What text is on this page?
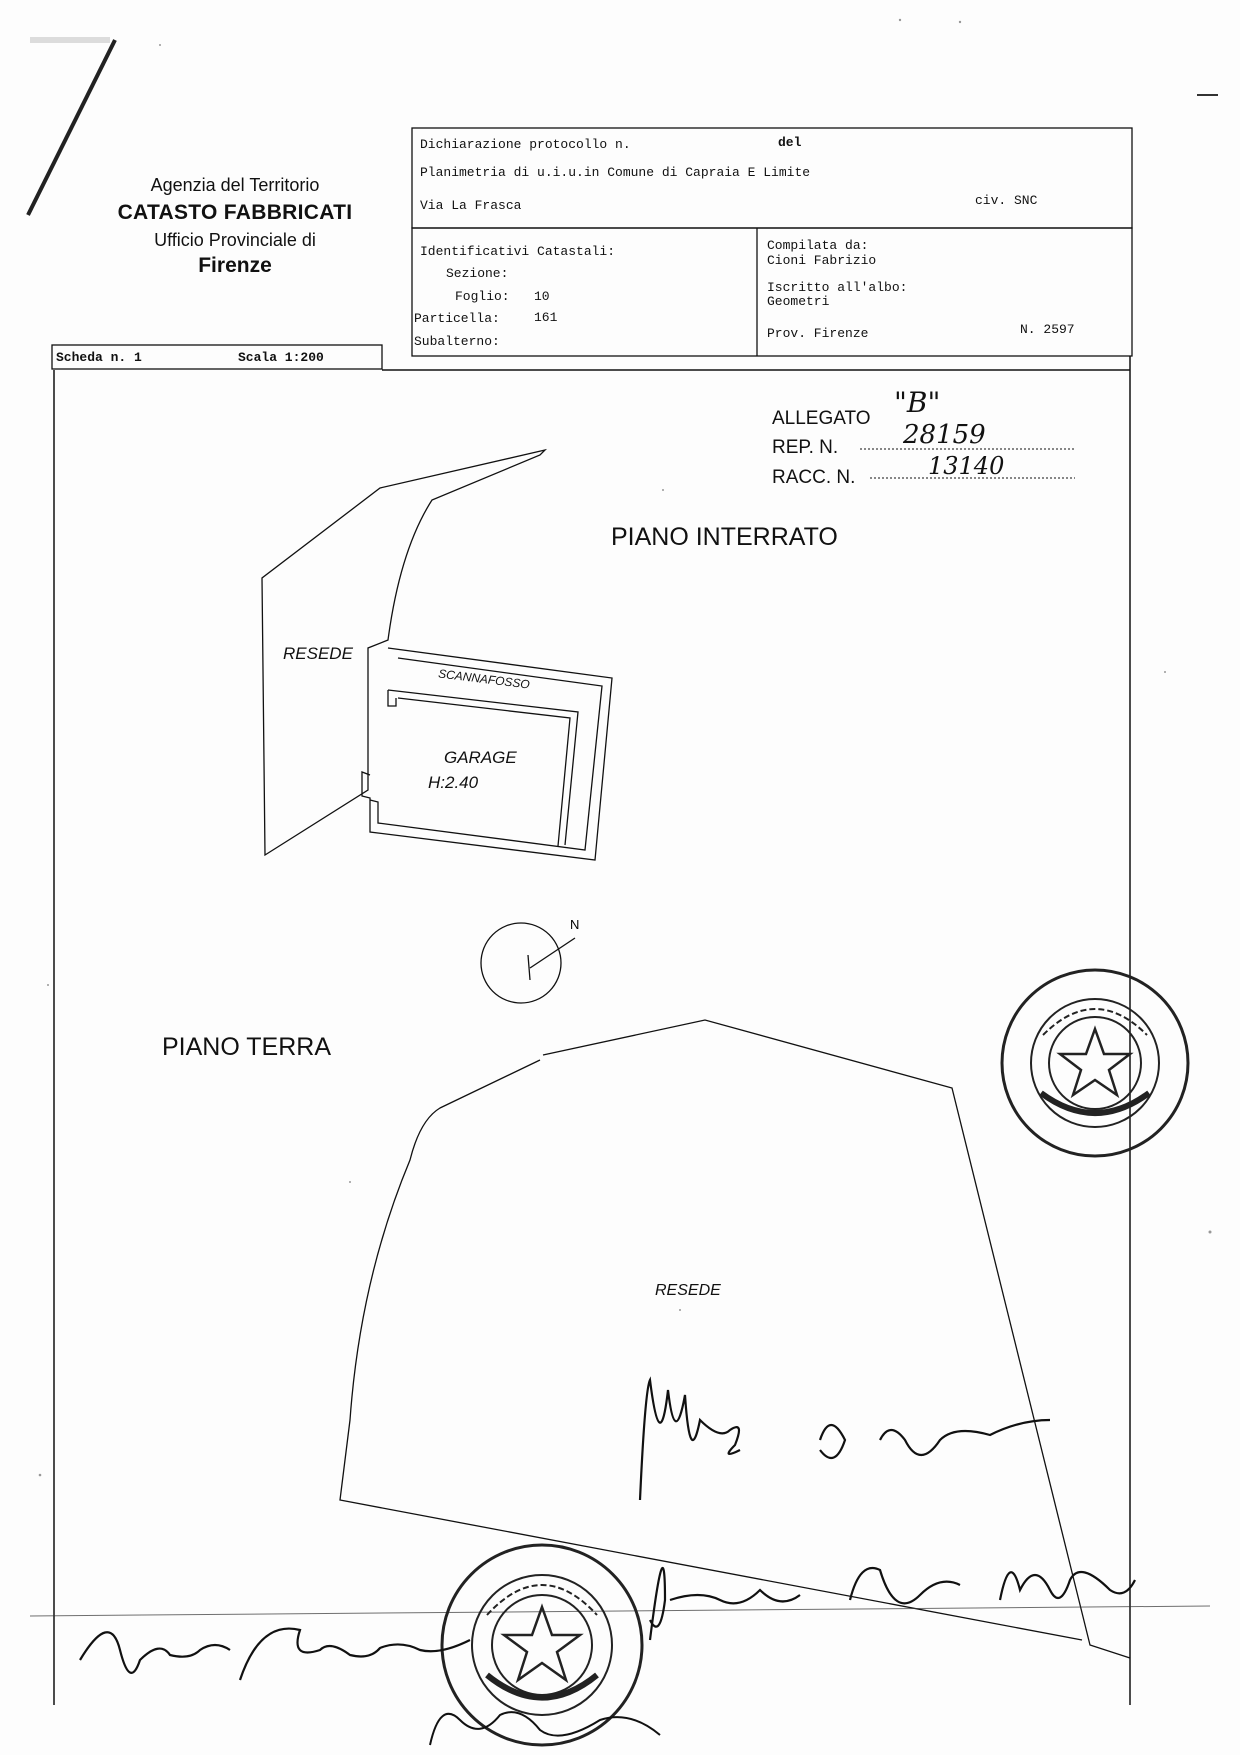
Agenzia del Territorio
CATASTO FABBRICATI
Ufficio Provinciale di
Firenze
Dichiarazione protocollo n.	del
Planimetria di u.i.u.in Comune di Capraia E Limite
Via La Frasca	civ. SNC
Identificativi Catastali:
Sezione:
Foglio: 10
Particella:	161
Subalterno:
Compilata da:
Cioni Fabrizio
Iscritto all'albo:
Geometri
Prov. Firenze	N. 2597
Scheda n. 1	Scala 1:200
ALLEGATO "B"
REP. N. 28159
RACC. N.	13140
PIANO INTERRATO
RESEDE
SCANNAFOSSO
GARAGE
H:2.40
N
PIANO TERRA
RESEDE
